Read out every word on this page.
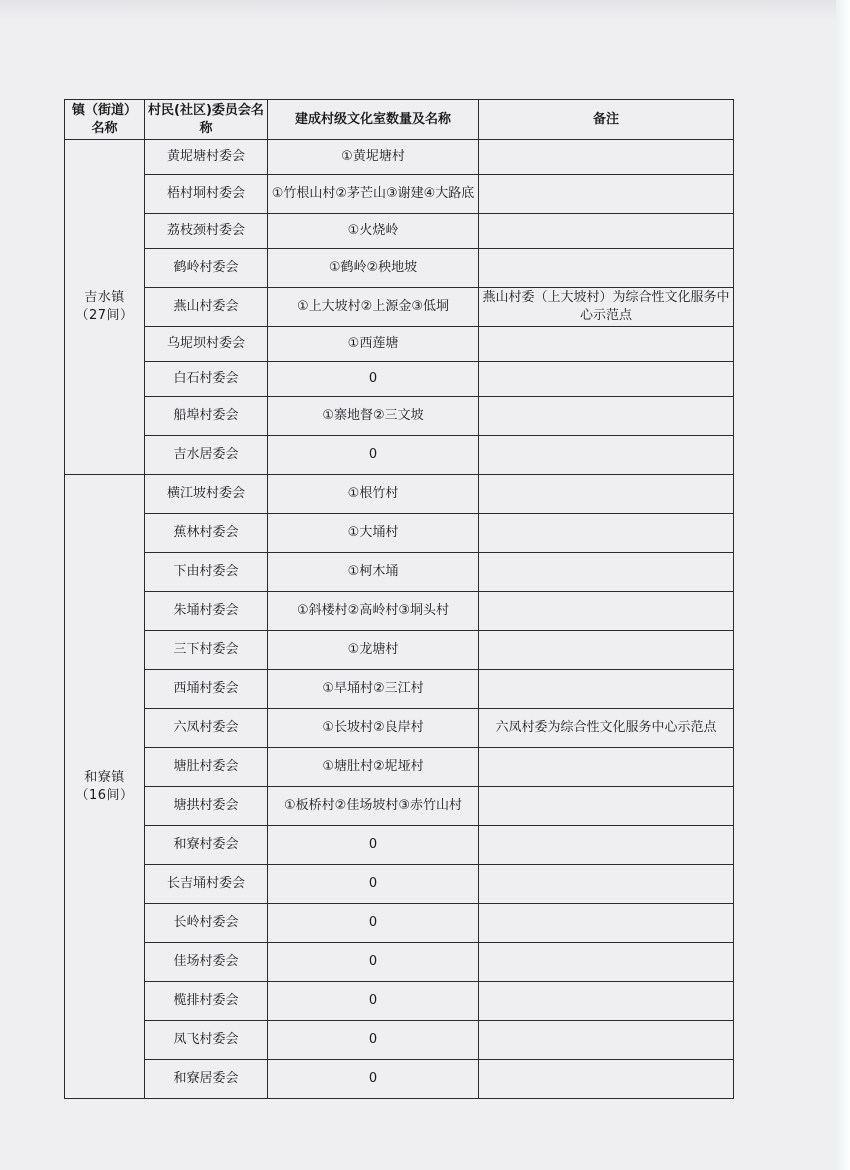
镇（街道）名称	村民(社区)委员会名称	建成村级文化室数量及名称	备注

吉水镇
（27间）	黄坭塘村委会	①黄坭塘村	
	梧村垌村委会	①竹根山村②茅芒山③谢建④大路底	
	荔枝颈村委会	①火烧岭	
	鹤岭村委会	①鹤岭②秧地坡	
	燕山村委会	①上大坡村②上源金③低垌	燕山村委（上大坡村）为综合性文化服务中心示范点
	乌坭坝村委会	①西莲塘	
	白石村委会	0	
	船埠村委会	①寨地督②三文坡	
	吉水居委会	0	

和寮镇
（16间）	横江坡村委会	①根竹村	
	蕉林村委会	①大埇村	
	下由村委会	①柯木埇	
	朱埇村委会	①斜楼村②高岭村③垌头村	
	三下村委会	①龙塘村	
	西埇村委会	①早埇村②三江村	
	六凤村委会	①长坡村②良岸村	六凤村委为综合性文化服务中心示范点
	塘肚村委会	①塘肚村②坭垭村	
	塘拱村委会	①板桥村②佳场坡村③赤竹山村	
	和寮村委会	0	
	长吉埇村委会	0	
	长岭村委会	0	
	佳场村委会	0	
	榄排村委会	0	
	凤飞村委会	0	
	和寮居委会	0	
